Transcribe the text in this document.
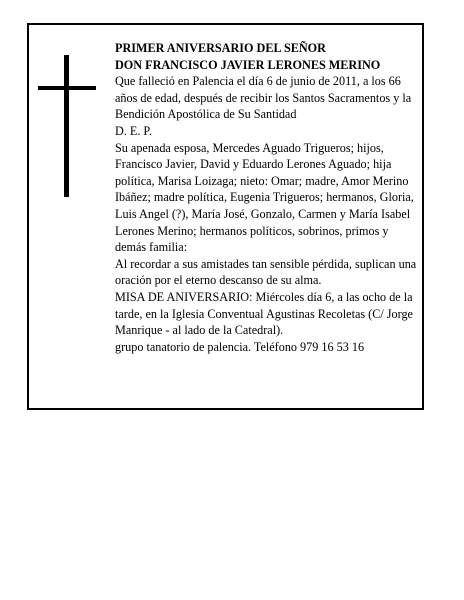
PRIMER ANIVERSARIO DEL SEÑOR

DON FRANCISCO JAVIER LERONES MERINO

Que falleció en Palencia el día 6 de junio de 2011, a los 66 años de edad, después de recibir los Santos Sacramentos y la Bendición Apostólica de Su Santidad

D. E. P.

Su apenada esposa, Mercedes Aguado Trigueros; hijos, Francisco Javier, David y Eduardo Lerones Aguado; hija política, Marisa Loizaga; nieto: Omar; madre, Amor Merino Ibáñez; madre política, Eugenia Trigueros; hermanos, Gloria, Luis Angel (?), María José, Gonzalo, Carmen y María Isabel Lerones Merino; hermanos políticos, sobrinos, primos y demás familia:

Al recordar a sus amistades tan sensible pérdida, suplican una oración por el eterno descanso de su alma.

MISA DE ANIVERSARIO: Miércoles día 6, a las ocho de la tarde, en la Iglesia Conventual Agustinas Recoletas (C/ Jorge Manrique - al lado de la Catedral).

grupo tanatorio de palencia. Teléfono 979 16 53 16
